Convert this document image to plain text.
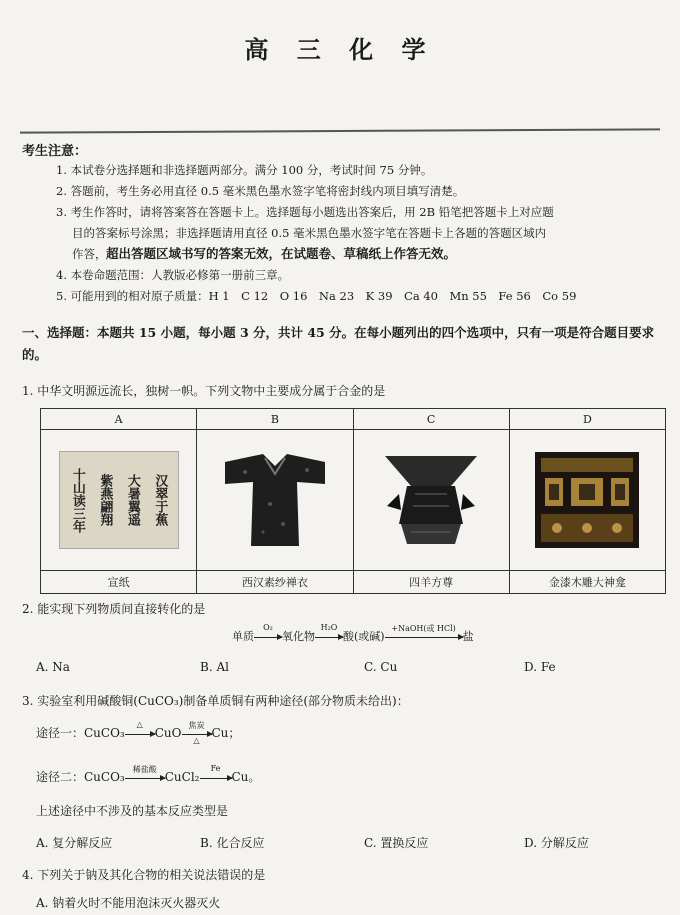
高 三 化 学
考生注意：
1. 本试卷分选择题和非选择题两部分。满分 100 分，考试时间 75 分钟。
2. 答题前，考生务必用直径 0.5 毫米黑色墨水签字笔将密封线内项目填写清楚。
3. 考生作答时，请将答案答在答题卡上。选择题每小题选出答案后，用 2B 铅笔把答题卡上对应题
目的答案标号涂黑；非选择题请用直径 0.5 毫米黑色墨水签字笔在答题卡上各题的答题区域内
作答， 超出答题区域书写的答案无效，在试题卷、草稿纸上作答无效。
4. 本卷命题范围：人教版必修第一册前三章。
5. 可能用到的相对原子质量：H 1　C 12　O 16　Na 23　K 39　Ca 40　Mn 55　Fe 56　Co 59
一、选择题：本题共 15 小题，每小题 3 分，共计 45 分。在每小题列出的四个选项中，只有一项是符合题目要求的。
1. 中华文明源远流长，独树一帜。下列文物中主要成分属于合金的是
A	B	C	D

汉翠于蕉
大暑翼遥
紫燕翩翔
十山读三年

宣纸	西汉素纱禅衣	四羊方尊	金漆木雕大神龛
2. 能实现下列物质间直接转化的是
单质
O₂
氧化物
H₂O
酸(或碱)
+NaOH(或 HCl)
盐
A. Na	B. Al	C. Cu	D. Fe
3. 实验室利用碱酸铜(CuCO₃)制备单质铜有两种途径(部分物质未给出)：
途径一：CuCO₃
△
CuO
焦炭
△ Cu；
途径二：CuCO₃
稀盐酸
CuCl₂
Fe
Cu。
上述途径中不涉及的基本反应类型是
A. 复分解反应	B. 化合反应	C. 置换反应	D. 分解反应
4. 下列关于钠及其化合物的相关说法错误的是
A. 钠着火时不能用泡沫灭火器灭火
